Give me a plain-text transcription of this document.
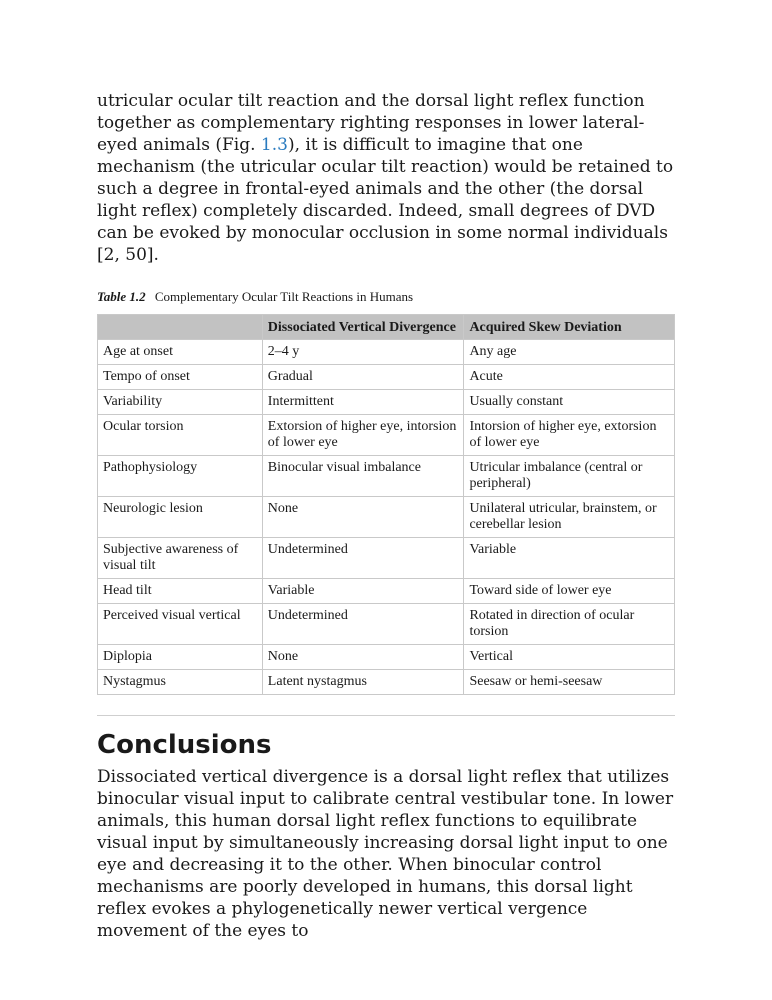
utricular ocular tilt reaction and the dorsal light reflex function together as complementary righting responses in lower lateral-eyed animals (Fig. 1.3), it is difficult to imagine that one mechanism (the utricular ocular tilt reaction) would be retained to such a degree in frontal-eyed animals and the other (the dorsal light reflex) completely discarded. Indeed, small degrees of DVD can be evoked by monocular occlusion in some normal individuals [2, 50].

Table 1.2 Complementary Ocular Tilt Reactions in Humans
	Dissociated Vertical Divergence	Acquired Skew Deviation
Age at onset	2–4 y	Any age
Tempo of onset	Gradual	Acute
Variability	Intermittent	Usually constant
Ocular torsion	Extorsion of higher eye, intorsion of lower eye	Intorsion of higher eye, extorsion of lower eye
Pathophysiology	Binocular visual imbalance	Utricular imbalance (central or peripheral)
Neurologic lesion	None	Unilateral utricular, brainstem, or cerebellar lesion
Subjective awareness of visual tilt	Undetermined	Variable
Head tilt	Variable	Toward side of lower eye
Perceived visual vertical	Undetermined	Rotated in direction of ocular torsion
Diplopia	None	Vertical
Nystagmus	Latent nystagmus	Seesaw or hemi-seesaw
Conclusions

Dissociated vertical divergence is a dorsal light reflex that utilizes binocular visual input to calibrate central vestibular tone. In lower animals, this human dorsal light reflex functions to equilibrate visual input by simultaneously increasing dorsal light input to one eye and decreasing it to the other. When binocular control mechanisms are poorly developed in humans, this dorsal light reflex evokes a phylogenetically newer vertical vergence movement of the eyes to
